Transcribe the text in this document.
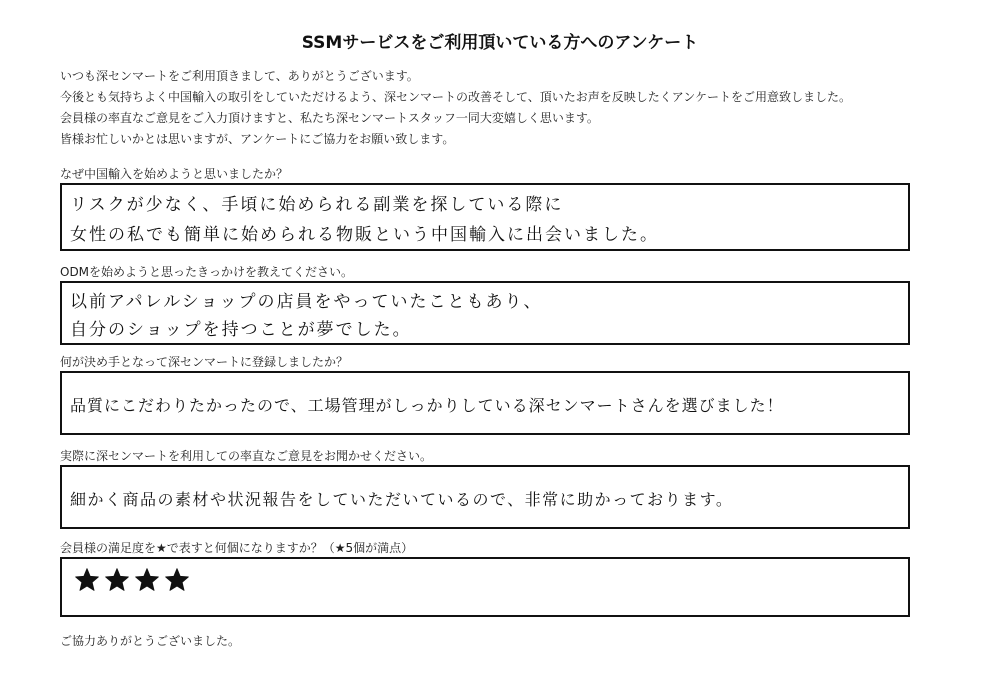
SSMサービスをご利用頂いている方へのアンケート
いつも深センマートをご利用頂きまして、ありがとうございます。
今後とも気持ちよく中国輸入の取引をしていただけるよう、深センマートの改善そして、頂いたお声を反映したくアンケートをご用意致しました。
会員様の率直なご意見をご入力頂けますと、私たち深センマートスタッフ一同大変嬉しく思います。
皆様お忙しいかとは思いますが、アンケートにご協力をお願い致します。
なぜ中国輸入を始めようと思いましたか？
リスクが少なく、手頃に始められる副業を探している際に
女性の私でも簡単に始められる物販という中国輸入に出会いました。
ODMを始めようと思ったきっかけを教えてください。
以前アパレルショップの店員をやっていたこともあり、
自分のショップを持つことが夢でした。
何が決め手となって深センマートに登録しましたか？
品質にこだわりたかったので、工場管理がしっかりしている深センマートさんを選びました！
実際に深センマートを利用しての率直なご意見をお聞かせください。
細かく商品の素材や状況報告をしていただいているので、非常に助かっております。
会員様の満足度を★で表すと何個になりますか？（★5個が満点）
ご協力ありがとうございました。
